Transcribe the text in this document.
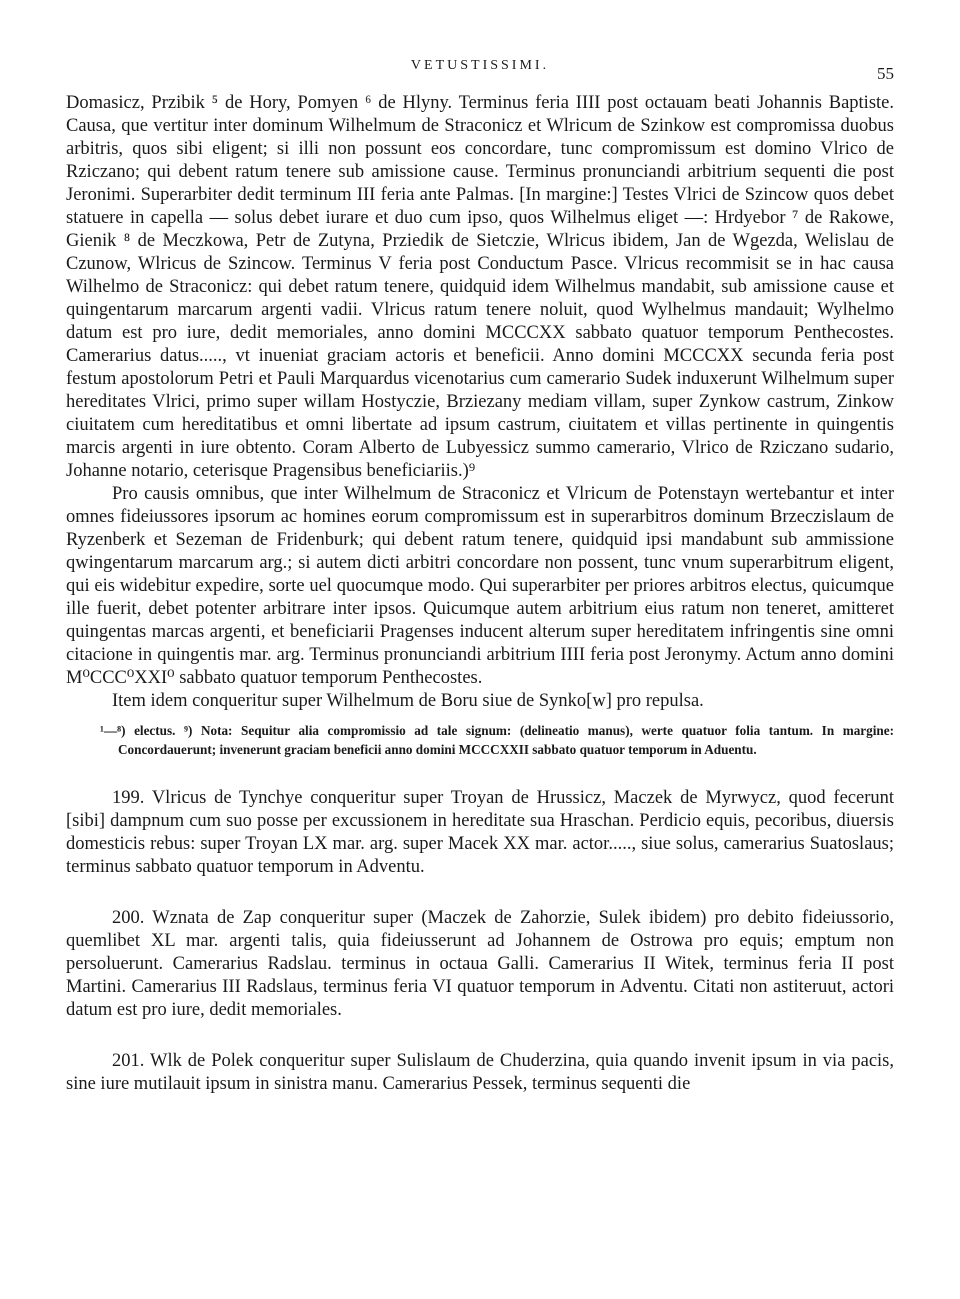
VETUSTISSIMI.	55

Domasicz, Przibik ⁵ de Hory, Pomyen ⁶ de Hlyny. Terminus feria IIII post octauam beati Johannis Baptiste. Causa, que vertitur inter dominum Wilhelmum de Straconicz et Wlricum de Szinkow est compromissa duobus arbitris, quos sibi eligent; si illi non possunt eos concordare, tunc compromissum est domino Vlrico de Rziczano; qui debent ratum tenere sub amissione cause. Terminus pronunciandi arbitrium sequenti die post Jeronimi. Superarbiter dedit terminum III feria ante Palmas. [In margine:] Testes Vlrici de Szincow quos debet statuere in capella — solus debet iurare et duo cum ipso, quos Wilhelmus eliget —: Hrdyebor ⁷ de Rakowe, Gienik ⁸ de Meczkowa, Petr de Zutyna, Prziedik de Sietczie, Wlricus ibidem, Jan de Wgezda, Welislau de Czunow, Wlricus de Szincow. Terminus V feria post Conductum Pasce. Vlricus recommisit se in hac causa Wilhelmo de Straconicz: qui debet ratum tenere, quidquid idem Wilhelmus mandabit, sub amissione cause et quingentarum marcarum argenti vadii. Vlricus ratum tenere noluit, quod Wylhelmus mandauit; Wylhelmo datum est pro iure, dedit memoriales, anno domini MCCCXX sabbato quatuor temporum Penthecostes. Camerarius datus....., vt inueniat graciam actoris et beneficii. Anno domini MCCCXX secunda feria post festum apostolorum Petri et Pauli Marquardus vicenotarius cum camerario Sudek induxerunt Wilhelmum super hereditates Vlrici, primo super willam Hostyczie, Brziezany mediam villam, super Zynkow castrum, Zinkow ciuitatem cum hereditatibus et omni libertate ad ipsum castrum, ciuitatem et villas pertinente in quingentis marcis argenti in iure obtento. Coram Alberto de Lubyessicz summo camerario, Vlrico de Rziczano sudario, Johanne notario, ceterisque Pragensibus beneficiariis.)⁹

Pro causis omnibus, que inter Wilhelmum de Straconicz et Vlricum de Potenstayn wertebantur et inter omnes fideiussores ipsorum ac homines eorum compromissum est in superarbitros dominum Brzeczislaum de Ryzenberk et Sezeman de Fridenburk; qui debent ratum tenere, quidquid ipsi mandabunt sub ammissione qwingentarum marcarum arg.; si autem dicti arbitri concordare non possent, tunc vnum superarbitrum eligent, qui eis widebitur expedire, sorte uel quocumque modo. Qui superarbiter per priores arbitros electus, quicumque ille fuerit, debet potenter arbitrare inter ipsos. Quicumque autem arbitrium eius ratum non teneret, amitteret quingentas marcas argenti, et beneficiarii Pragenses inducent alterum super hereditatem infringentis sine omni citacione in quingentis mar. arg. Terminus pronunciandi arbitrium IIII feria post Jeronymy. Actum anno domini M⁰CCC⁰XXI⁰ sabbato quatuor temporum Penthecostes.

Item idem conqueritur super Wilhelmum de Boru siue de Synko[w] pro repulsa.

¹—⁸) electus. ⁹) Nota: Sequitur alia compromissio ad tale signum: (delineatio manus), werte quatuor folia tantum. In margine: Concordauerunt; invenerunt graciam beneficii anno domini MCCCXXII sabbato quatuor temporum in Aduentu.

199. Vlricus de Tynchye conqueritur super Troyan de Hrussicz, Maczek de Myrwycz, quod fecerunt [sibi] dampnum cum suo posse per excussionem in hereditate sua Hraschan. Perdicio equis, pecoribus, diuersis domesticis rebus: super Troyan LX mar. arg. super Macek XX mar. actor....., siue solus, camerarius Suatoslaus; terminus sabbato quatuor temporum in Adventu.

200. Wznata de Zap conqueritur super (Maczek de Zahorzie, Sulek ibidem) pro debito fideiussorio, quemlibet XL mar. argenti talis, quia fideiusserunt ad Johannem de Ostrowa pro equis; emptum non persoluerunt. Camerarius Radslau. terminus in octaua Galli. Camerarius II Witek, terminus feria II post Martini. Camerarius III Radslaus, terminus feria VI quatuor temporum in Adventu. Citati non astiteruut, actori datum est pro iure, dedit memoriales.

201. Wlk de Polek conqueritur super Sulislaum de Chuderzina, quia quando invenit ipsum in via pacis, sine iure mutilauit ipsum in sinistra manu. Camerarius Pessek, terminus sequenti die
